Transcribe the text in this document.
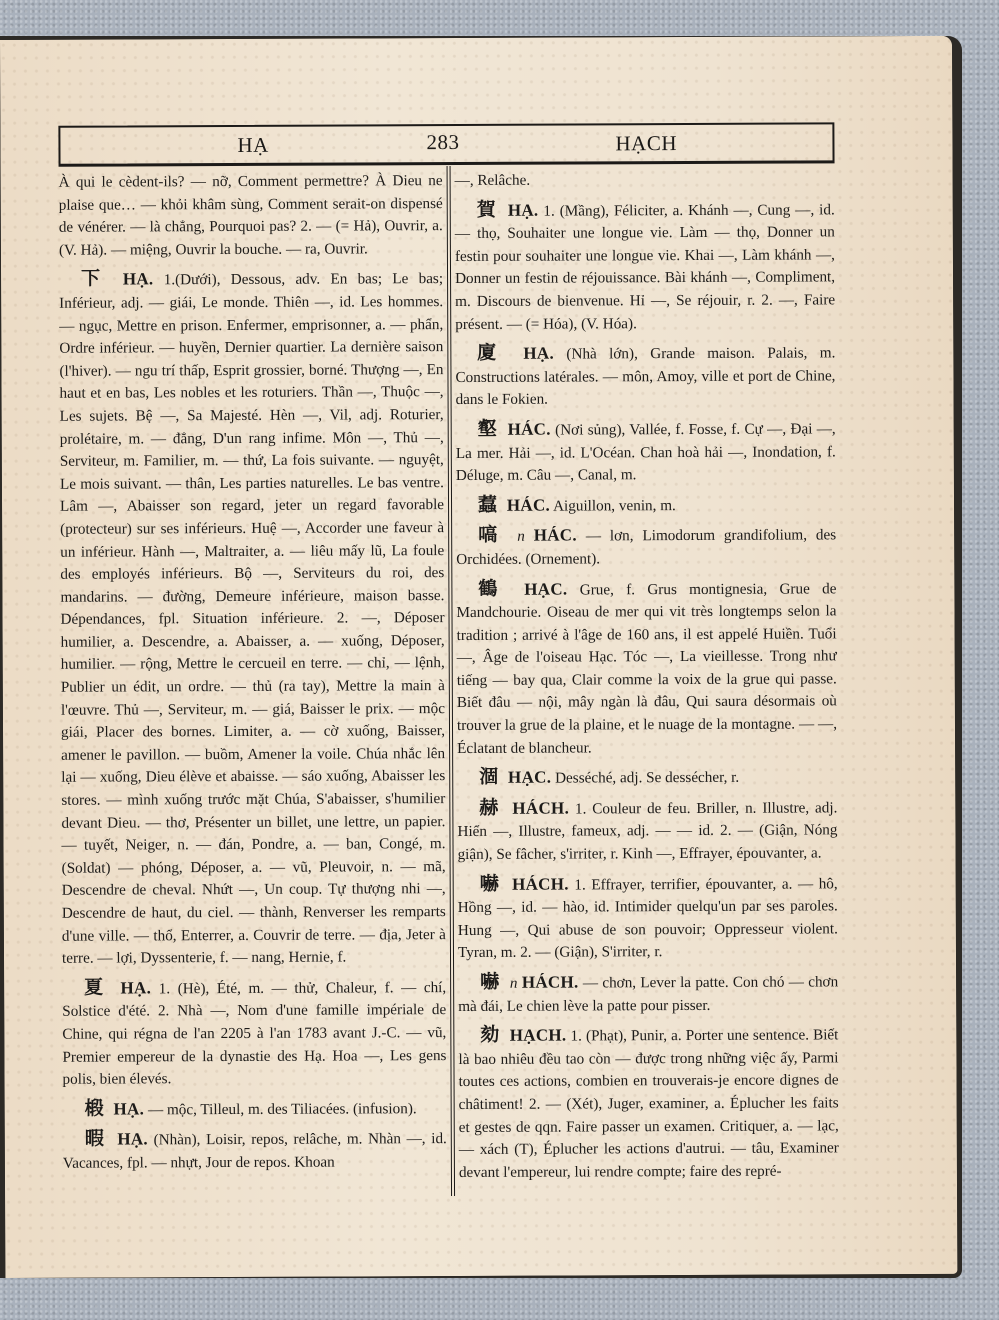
HẠ	283	HẠCH

À qui le cèdent-ils? — nỡ, Comment permettre? À Dieu ne plaise que… — khỏi khâm sùng, Comment serait-on dispensé de vénérer. — là chẳng, Pourquoi pas? 2. — (= Hả), Ouvrir, a. (V. Hả). — miệng, Ouvrir la bouche. — ra, Ouvrir.

下 HẠ. 1.(Dưới), Dessous, adv. En bas; Le bas; Inférieur, adj. — giái, Le monde. Thiên —, id. Les hommes. — ngục, Mettre en prison. Enfermer, emprisonner, a. — phẩn, Ordre inférieur. — huyền, Dernier quartier. La dernière saison (l'hiver). — ngu trí thấp, Esprit grossier, borné. Thượng —, En haut et en bas, Les nobles et les roturiers. Thần —, Thuộc —, Les sujets. Bệ —, Sa Majesté. Hèn —, Vil, adj. Roturier, prolétaire, m. — đẳng, D'un rang infime. Môn —, Thủ —, Serviteur, m. Familier, m. — thứ, La fois suivante. — nguyệt, Le mois suivant. — thân, Les parties naturelles. Le bas ventre. Lâm —, Abaisser son regard, jeter un regard favorable (protecteur) sur ses inférieurs. Huệ —, Accorder une faveur à un inférieur. Hành —, Maltraiter, a. — liêu mấy lũ, La foule des employés inférieurs. Bộ —, Serviteurs du roi, des mandarins. — đường, Demeure inférieure, maison basse. Dépendances, fpl. Situation inférieure. 2. —, Déposer humilier, a. Descendre, a. Abaisser, a. — xuống, Déposer, humilier. — rộng, Mettre le cercueil en terre. — chỉ, — lệnh, Publier un édit, un ordre. — thủ (ra tay), Mettre la main à l'œuvre. Thủ —, Serviteur, m. — giá, Baisser le prix. — mộc giái, Placer des bornes. Limiter, a. — cờ xuống, Baisser, amener le pavillon. — buồm, Amener la voile. Chúa nhắc lên lại — xuống, Dieu élève et abaisse. — sáo xuống, Abaisser les stores. — mình xuống trước mặt Chúa, S'abaisser, s'humilier devant Dieu. — thơ, Présenter un billet, une lettre, un papier. — tuyết, Neiger, n. — đán, Pondre, a. — ban, Congé, m. (Soldat) — phóng, Déposer, a. — vũ, Pleuvoir, n. — mã, Descendre de cheval. Nhứt —, Un coup. Tự thượng nhi —, Descendre de haut, du ciel. — thành, Renverser les remparts d'une ville. — thổ, Enterrer, a. Couvrir de terre. — địa, Jeter à terre. — lợi, Dyssenterie, f. — nang, Hernie, f.

夏 HẠ. 1. (Hè), Été, m. — thử, Chaleur, f. — chí, Solstice d'été. 2. Nhà —, Nom d'une famille impériale de Chine, qui régna de l'an 2205 à l'an 1783 avant J.-C. — vũ, Premier empereur de la dynastie des Hạ. Hoa —, Les gens polis, bien élevés.

椴 HẠ. — mộc, Tilleul, m. des Tiliacées. (infusion).

暇 HẠ. (Nhàn), Loisir, repos, relâche, m. Nhàn —, id. Vacances, fpl. — nhựt, Jour de repos. Khoan

—, Relâche.

賀 HẠ. 1. (Mầng), Féliciter, a. Khánh —, Cung —, id. — thọ, Souhaiter une longue vie. Làm — thọ, Donner un festin pour souhaiter une longue vie. Khai —, Làm khánh —, Donner un festin de réjouissance. Bài khánh —, Compliment, m. Discours de bienvenue. Hỉ —, Se réjouir, r. 2. —, Faire présent. — (= Hóa), (V. Hóa).

廈 HẠ. (Nhà lớn), Grande maison. Palais, m. Constructions latérales. — môn, Amoy, ville et port de Chine, dans le Fokien.

壑 HÁC. (Nơi sủng), Vallée, f. Fosse, f. Cự —, Đại —, La mer. Hải —, id. L'Océan. Chan hoà hải —, Inondation, f. Déluge, m. Câu —, Canal, m.

蠚 HÁC. Aiguillon, venin, m.

嗃 n HÁC. — lơn, Limodorum grandifolium, des Orchidées. (Ornement).

鶴 HẠC. Grue, f. Grus montignesia, Grue de Mandchourie. Oiseau de mer qui vit très longtemps selon la tradition ; arrivé à l'âge de 160 ans, il est appelé Huiền. Tuổi —, Âge de l'oiseau Hạc. Tóc —, La vieillesse. Trong như tiếng — bay qua, Clair comme la voix de la grue qui passe. Biết đâu — nội, mây ngàn là đâu, Qui saura désormais où trouver la grue de la plaine, et le nuage de la montagne. — —, Éclatant de blancheur.

涸 HẠC. Desséché, adj. Se dessécher, r.

赫 HÁCH. 1. Couleur de feu. Briller, n. Illustre, adj. Hiển —, Illustre, fameux, adj. — — id. 2. — (Giận, Nóng giận), Se fâcher, s'irriter, r. Kinh —, Effrayer, épouvanter, a.

嚇 HÁCH. 1. Effrayer, terrifier, épouvanter, a. — hô, Hồng —, id. — hào, id. Intimider quelqu'un par ses paroles. Hung —, Qui abuse de son pouvoir; Oppresseur violent. Tyran, m. 2. — (Giận), S'irriter, r.

嚇 n HÁCH. — chơn, Lever la patte. Con chó — chơn mà đái, Le chien lève la patte pour pisser.

劾 HẠCH. 1. (Phạt), Punir, a. Porter une sentence. Biết là bao nhiêu đều tao còn — được trong những việc ấy, Parmi toutes ces actions, combien en trouverais-je encore dignes de châtiment! 2. — (Xét), Juger, examiner, a. Éplucher les faits et gestes de qqn. Faire passer un examen. Critiquer, a. — lạc, — xách (T), Éplucher les actions d'autrui. — tâu, Examiner devant l'empereur, lui rendre compte; faire des repré-
